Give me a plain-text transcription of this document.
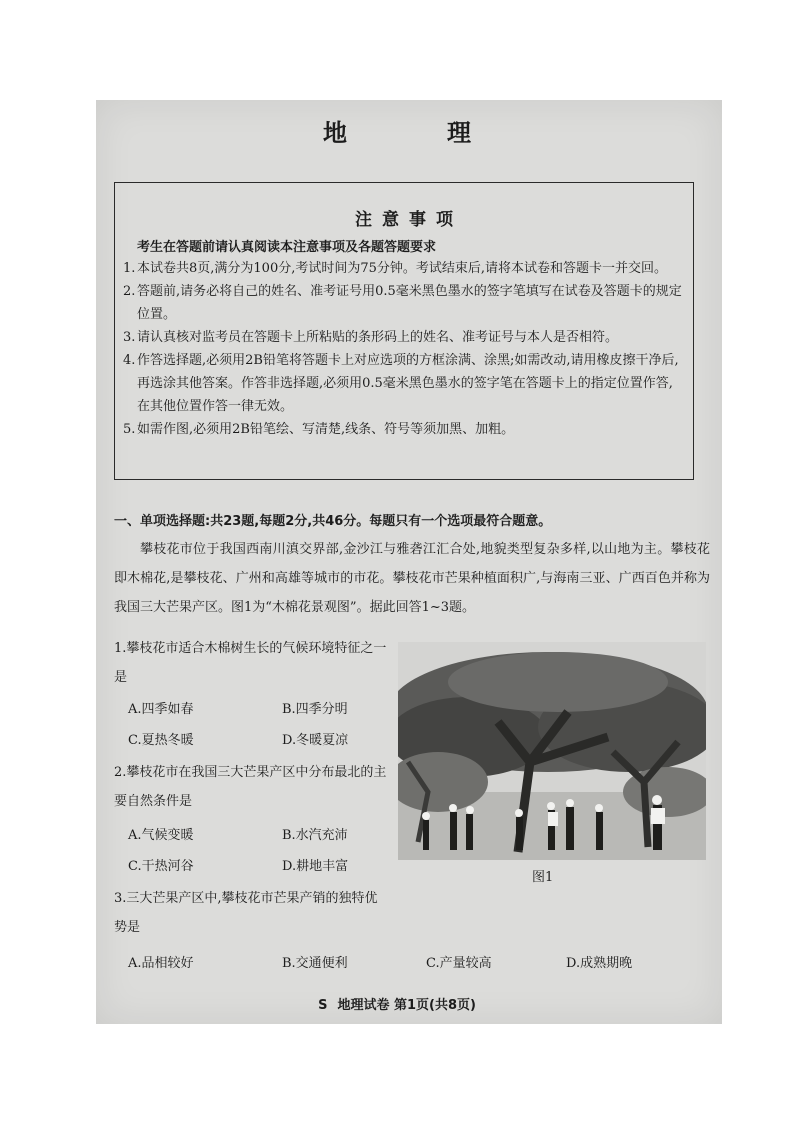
地　理
注意事项
考生在答题前请认真阅读本注意事项及各题答题要求
1. 本试卷共8页,满分为100分,考试时间为75分钟。考试结束后,请将本试卷和答题卡一并交回。
2. 答题前,请务必将自己的姓名、准考证号用0.5毫米黑色墨水的签字笔填写在试卷及答题卡的规定位置。
3. 请认真核对监考员在答题卡上所粘贴的条形码上的姓名、准考证号与本人是否相符。
4. 作答选择题,必须用2B铅笔将答题卡上对应选项的方框涂满、涂黑;如需改动,请用橡皮擦干净后,再选涂其他答案。作答非选择题,必须用0.5毫米黑色墨水的签字笔在答题卡上的指定位置作答,在其他位置作答一律无效。
5. 如需作图,必须用2B铅笔绘、写清楚,线条、符号等须加黑、加粗。
一、单项选择题:共23题,每题2分,共46分。每题只有一个选项最符合题意。
攀枝花市位于我国西南川滇交界部,金沙江与雅砻江汇合处,地貌类型复杂多样,以山地为主。攀枝花即木棉花,是攀枝花、广州和高雄等城市的市花。攀枝花市芒果种植面积广,与海南三亚、广西百色并称为我国三大芒果产区。图1为“木棉花景观图”。据此回答1~3题。
1.攀枝花市适合木棉树生长的气候环境特征之一是
A.四季如春	B.四季分明
C.夏热冬暖	D.冬暖夏凉
2.攀枝花市在我国三大芒果产区中分布最北的主要自然条件是
A.气候变暖	B.水汽充沛
C.干热河谷	D.耕地丰富
3.三大芒果产区中,攀枝花市芒果产销的独特优势是
A.品相较好	B.交通便利	C.产量较高	D.成熟期晚
图1
S 地理试卷 第1页(共8页)
